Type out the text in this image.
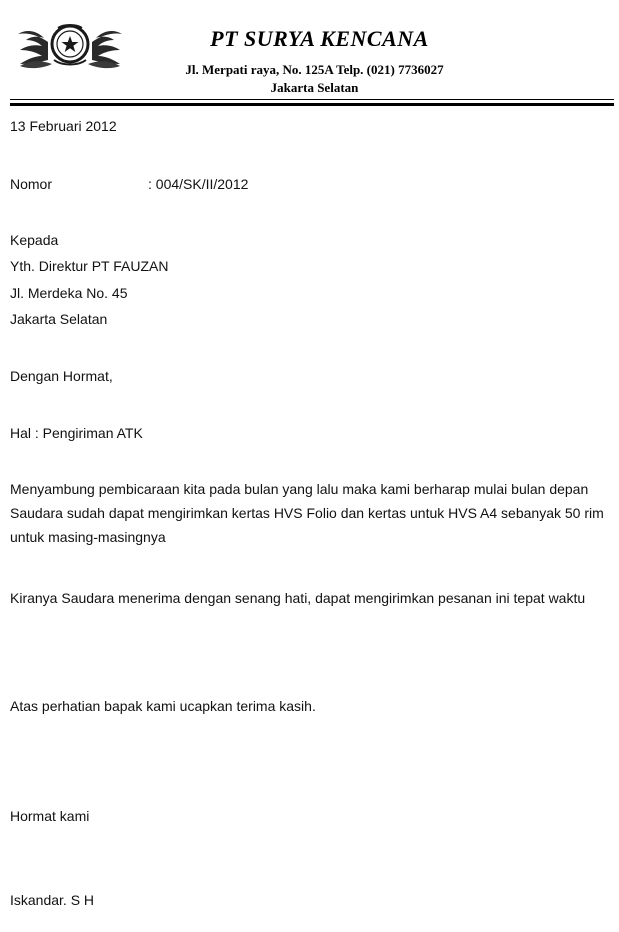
PT SURYA KENCANA
Jl. Merpati raya, No. 125A Telp. (021) 7736027
Jakarta Selatan
13 Februari 2012
Nomor	: 004/SK/II/2012
Kepada
Yth. Direktur PT FAUZAN
Jl. Merdeka No. 45
Jakarta Selatan
Dengan Hormat,
Hal : Pengiriman ATK
Menyambung pembicaraan kita pada bulan yang lalu maka kami berharap mulai bulan depan Saudara sudah dapat mengirimkan kertas HVS Folio dan kertas untuk HVS A4 sebanyak 50 rim untuk masing-masingnya
Kiranya Saudara menerima dengan senang hati, dapat mengirimkan pesanan ini tepat waktu
Atas perhatian bapak kami ucapkan terima kasih.
Hormat kami
Iskandar. S H
